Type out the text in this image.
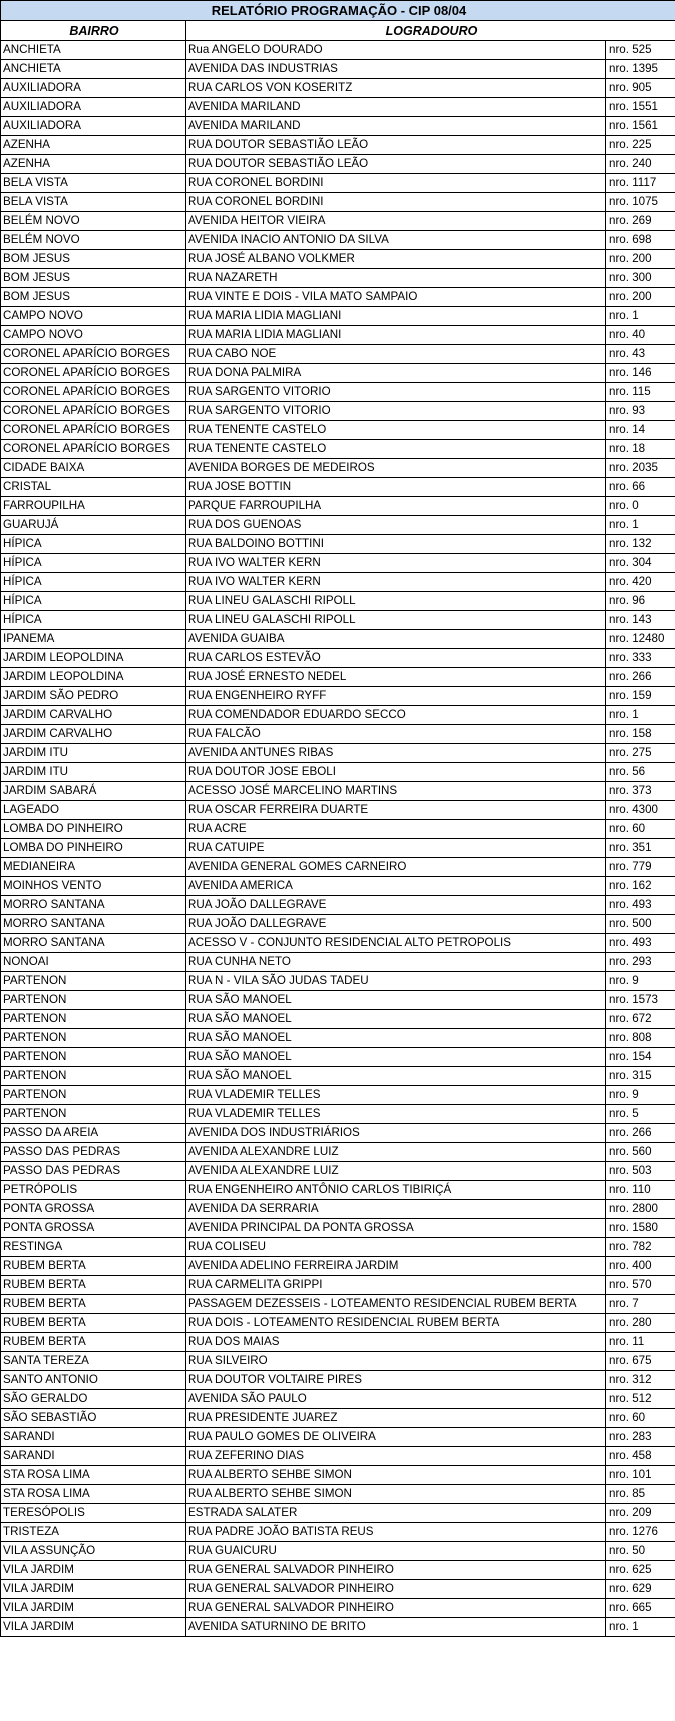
RELATÓRIO PROGRAMAÇÃO - CIP 08/04		
BAIRRO	LOGRADOURO	
ANCHIETA	Rua ANGELO DOURADO	nro. 525
ANCHIETA	AVENIDA DAS INDUSTRIAS	nro. 1395
AUXILIADORA	RUA CARLOS VON KOSERITZ	nro. 905
AUXILIADORA	AVENIDA MARILAND	nro. 1551
AUXILIADORA	AVENIDA MARILAND	nro. 1561
AZENHA	RUA DOUTOR SEBASTIÃO LEÃO	nro. 225
AZENHA	RUA DOUTOR SEBASTIÃO LEÃO	nro. 240
BELA VISTA	RUA CORONEL BORDINI	nro. 1117
BELA VISTA	RUA CORONEL BORDINI	nro. 1075
BELÉM NOVO	AVENIDA HEITOR VIEIRA	nro. 269
BELÉM NOVO	AVENIDA INACIO ANTONIO DA SILVA	nro. 698
BOM JESUS	RUA JOSÉ ALBANO VOLKMER	nro. 200
BOM JESUS	RUA NAZARETH	nro. 300
BOM JESUS	RUA VINTE E DOIS - VILA MATO SAMPAIO	nro. 200
CAMPO NOVO	RUA MARIA LIDIA MAGLIANI	nro. 1
CAMPO NOVO	RUA MARIA LIDIA MAGLIANI	nro. 40
CORONEL APARÍCIO BORGES	RUA CABO NOE	nro. 43
CORONEL APARÍCIO BORGES	RUA DONA PALMIRA	nro. 146
CORONEL APARÍCIO BORGES	RUA SARGENTO VITORIO	nro. 115
CORONEL APARÍCIO BORGES	RUA SARGENTO VITORIO	nro. 93
CORONEL APARÍCIO BORGES	RUA TENENTE CASTELO	nro. 14
CORONEL APARÍCIO BORGES	RUA TENENTE CASTELO	nro. 18
CIDADE BAIXA	AVENIDA BORGES DE MEDEIROS	nro. 2035
CRISTAL	RUA JOSE BOTTIN	nro. 66
FARROUPILHA	PARQUE FARROUPILHA	nro. 0
GUARUJÁ	RUA DOS GUENOAS	nro. 1
HÍPICA	RUA BALDOINO BOTTINI	nro. 132
HÍPICA	RUA IVO WALTER KERN	nro. 304
HÍPICA	RUA IVO WALTER KERN	nro. 420
HÍPICA	RUA LINEU GALASCHI RIPOLL	nro. 96
HÍPICA	RUA LINEU GALASCHI RIPOLL	nro. 143
IPANEMA	AVENIDA GUAIBA	nro. 12480
JARDIM LEOPOLDINA	RUA CARLOS ESTEVÃO	nro. 333
JARDIM LEOPOLDINA	RUA JOSÉ ERNESTO NEDEL	nro. 266
JARDIM SÃO PEDRO	RUA ENGENHEIRO RYFF	nro. 159
JARDIM CARVALHO	RUA COMENDADOR EDUARDO SECCO	nro. 1
JARDIM CARVALHO	RUA FALCÃO	nro. 158
JARDIM ITU	AVENIDA ANTUNES RIBAS	nro. 275
JARDIM ITU	RUA DOUTOR JOSE EBOLI	nro. 56
JARDIM SABARÁ	ACESSO JOSÉ MARCELINO MARTINS	nro. 373
LAGEADO	RUA OSCAR FERREIRA DUARTE	nro. 4300
LOMBA DO PINHEIRO	RUA ACRE	nro. 60
LOMBA DO PINHEIRO	RUA CATUIPE	nro. 351
MEDIANEIRA	AVENIDA GENERAL GOMES CARNEIRO	nro. 779
MOINHOS VENTO	AVENIDA AMERICA	nro. 162
MORRO SANTANA	RUA JOÃO DALLEGRAVE	nro. 493
MORRO SANTANA	RUA JOÃO DALLEGRAVE	nro. 500
MORRO SANTANA	ACESSO V - CONJUNTO RESIDENCIAL ALTO PETROPOLIS	nro. 493
NONOAI	RUA CUNHA NETO	nro. 293
PARTENON	RUA N - VILA SÃO JUDAS TADEU	nro. 9
PARTENON	RUA SÃO MANOEL	nro. 1573
PARTENON	RUA SÃO MANOEL	nro. 672
PARTENON	RUA SÃO MANOEL	nro. 808
PARTENON	RUA SÃO MANOEL	nro. 154
PARTENON	RUA SÃO MANOEL	nro. 315
PARTENON	RUA VLADEMIR TELLES	nro. 9
PARTENON	RUA VLADEMIR TELLES	nro. 5
PASSO DA AREIA	AVENIDA DOS INDUSTRIÁRIOS	nro. 266
PASSO DAS PEDRAS	AVENIDA ALEXANDRE LUIZ	nro. 560
PASSO DAS PEDRAS	AVENIDA ALEXANDRE LUIZ	nro. 503
PETRÓPOLIS	RUA ENGENHEIRO ANTÔNIO CARLOS TIBIRIÇÁ	nro. 110
PONTA GROSSA	AVENIDA DA SERRARIA	nro. 2800
PONTA GROSSA	AVENIDA PRINCIPAL DA PONTA GROSSA	nro. 1580
RESTINGA	RUA COLISEU	nro. 782
RUBEM BERTA	AVENIDA ADELINO FERREIRA JARDIM	nro. 400
RUBEM BERTA	RUA CARMELITA GRIPPI	nro. 570
RUBEM BERTA	PASSAGEM DEZESSEIS - LOTEAMENTO RESIDENCIAL RUBEM BERTA	nro. 7
RUBEM BERTA	RUA DOIS - LOTEAMENTO RESIDENCIAL RUBEM BERTA	nro. 280
RUBEM BERTA	RUA DOS MAIAS	nro. 11
SANTA TEREZA	RUA SILVEIRO	nro. 675
SANTO ANTONIO	RUA DOUTOR VOLTAIRE PIRES	nro. 312
SÃO GERALDO	AVENIDA SÃO PAULO	nro. 512
SÃO SEBASTIÃO	RUA PRESIDENTE JUAREZ	nro. 60
SARANDI	RUA PAULO GOMES DE OLIVEIRA	nro. 283
SARANDI	RUA ZEFERINO DIAS	nro. 458
STA ROSA LIMA	RUA ALBERTO SEHBE SIMON	nro. 101
STA ROSA LIMA	RUA ALBERTO SEHBE SIMON	nro. 85
TERESÓPOLIS	ESTRADA SALATER	nro. 209
TRISTEZA	RUA PADRE JOÃO BATISTA REUS	nro. 1276
VILA ASSUNÇÃO	RUA GUAICURU	nro. 50
VILA JARDIM	RUA GENERAL SALVADOR PINHEIRO	nro. 625
VILA JARDIM	RUA GENERAL SALVADOR PINHEIRO	nro. 629
VILA JARDIM	RUA GENERAL SALVADOR PINHEIRO	nro. 665
VILA JARDIM	AVENIDA SATURNINO DE BRITO	nro. 1
